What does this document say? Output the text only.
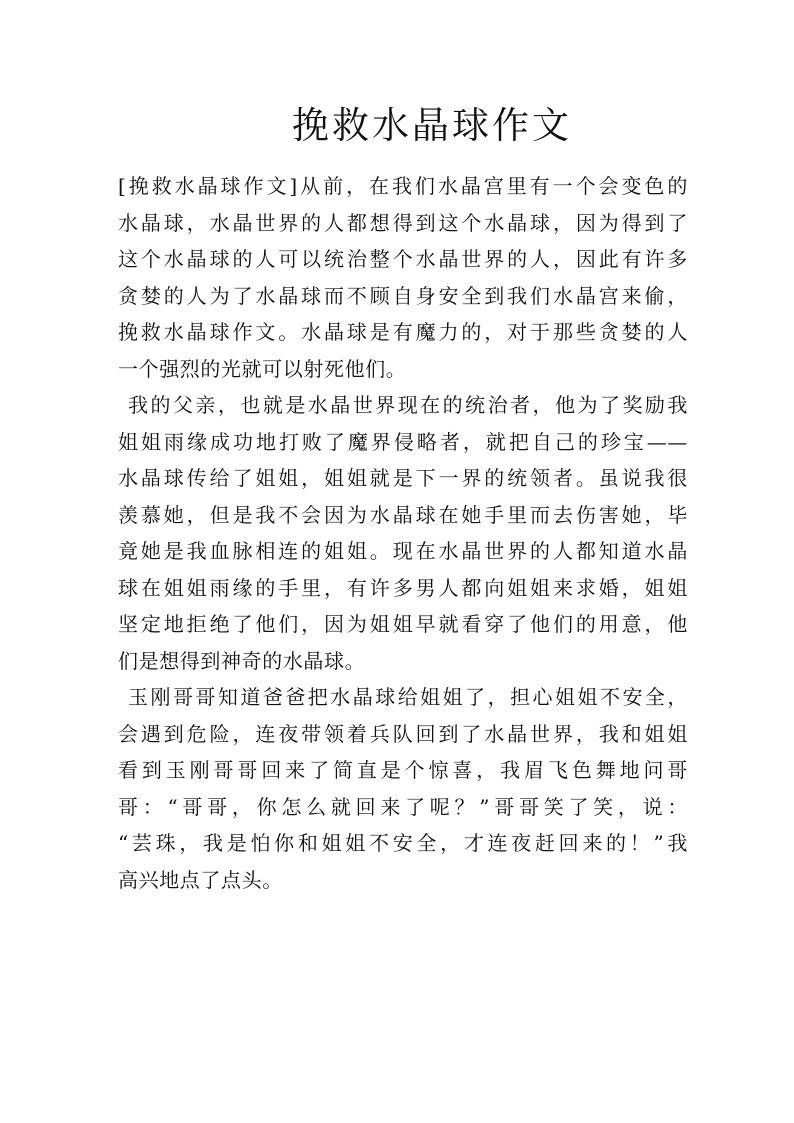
挽救水晶球作文
[挽救水晶球作文]从前，在我们水晶宫里有一个会变色的
水晶球，水晶世界的人都想得到这个水晶球，因为得到了
这个水晶球的人可以统治整个水晶世界的人，因此有许多
贪婪的人为了水晶球而不顾自身安全到我们水晶宫来偷，
挽救水晶球作文。水晶球是有魔力的，对于那些贪婪的人
一个强烈的光就可以射死他们。
我的父亲，也就是水晶世界现在的统治者，他为了奖励我
姐姐雨缘成功地打败了魔界侵略者，就把自己的珍宝——
水晶球传给了姐姐，姐姐就是下一界的统领者。虽说我很
羡慕她，但是我不会因为水晶球在她手里而去伤害她，毕
竟她是我血脉相连的姐姐。现在水晶世界的人都知道水晶
球在姐姐雨缘的手里，有许多男人都向姐姐来求婚，姐姐
坚定地拒绝了他们，因为姐姐早就看穿了他们的用意，他
们是想得到神奇的水晶球。
玉刚哥哥知道爸爸把水晶球给姐姐了，担心姐姐不安全，
会遇到危险，连夜带领着兵队回到了水晶世界，我和姐姐
看到玉刚哥哥回来了简直是个惊喜，我眉飞色舞地问哥
哥：“哥哥，你怎么就回来了呢？”哥哥笑了笑，说：
“芸珠，我是怕你和姐姐不安全，才连夜赶回来的！”我
高兴地点了点头。
